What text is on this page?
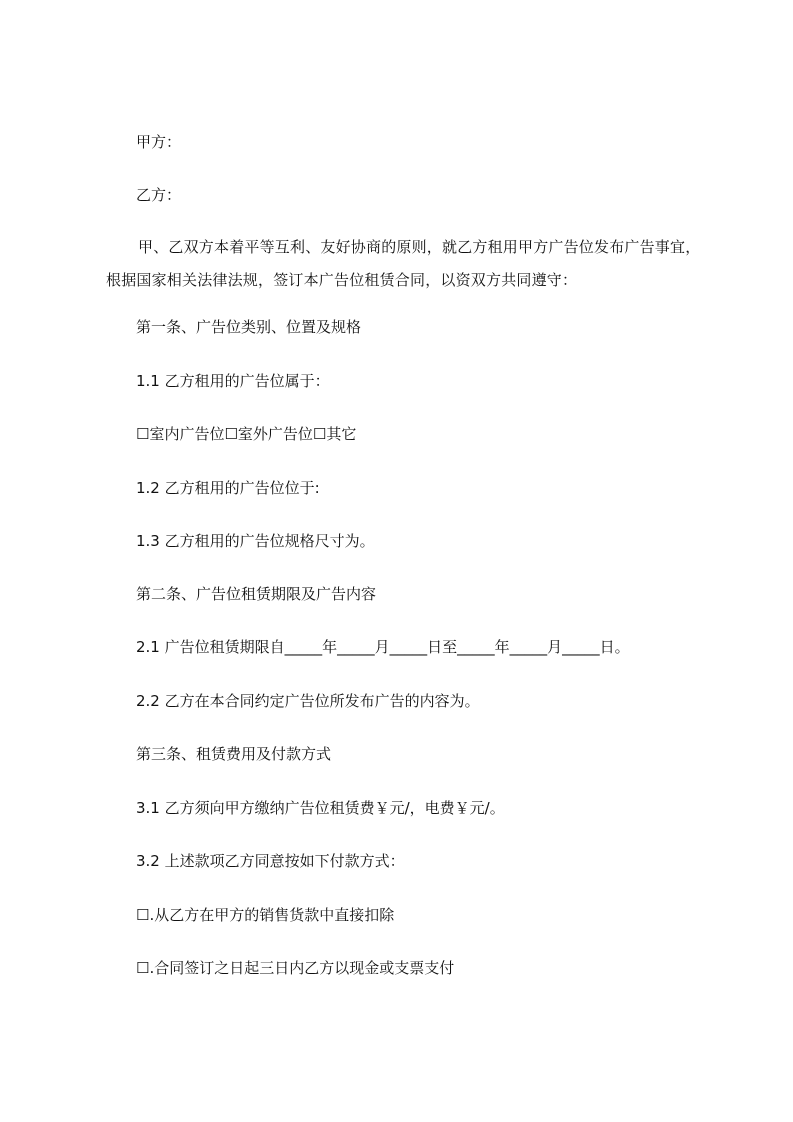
甲方：
乙方：
甲、乙双方本着平等互利、友好协商的原则，就乙方租用甲方广告位发布广告事宜，根据国家相关法律法规，签订本广告位租赁合同，以资双方共同遵守：
第一条、广告位类别、位置及规格
1.1 乙方租用的广告位属于：
☐室内广告位☐室外广告位☐其它
1.2 乙方租用的广告位位于:
1.3 乙方租用的广告位规格尺寸为。
第二条、广告位租赁期限及广告内容
2.1 广告位租赁期限自_____年_____月_____日至_____年_____月_____日。
2.2 乙方在本合同约定广告位所发布广告的内容为。
第三条、租赁费用及付款方式
3.1 乙方须向甲方缴纳广告位租赁费￥元/，电费￥元/。
3.2 上述款项乙方同意按如下付款方式：
☐.从乙方在甲方的销售货款中直接扣除
☐.合同签订之日起三日内乙方以现金或支票支付
